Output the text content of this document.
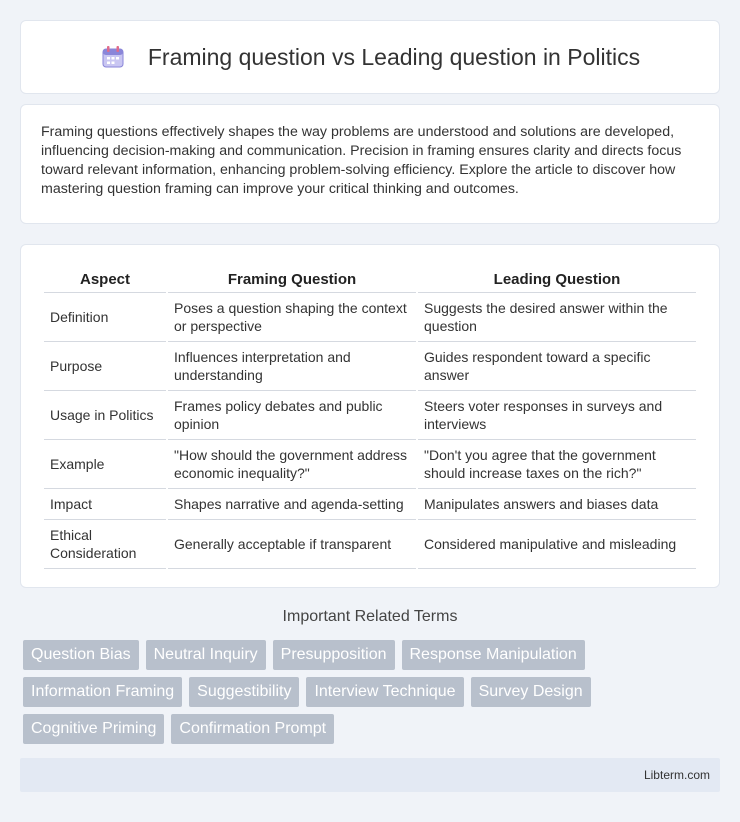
Framing question vs Leading question in Politics

Framing questions effectively shapes the way problems are understood and solutions are developed, influencing decision-making and communication. Precision in framing ensures clarity and directs focus toward relevant information, enhancing problem-solving efficiency. Explore the article to discover how mastering question framing can improve your critical thinking and outcomes.

Aspect	Framing Question	Leading Question
Definition	Poses a question shaping the context or perspective	Suggests the desired answer within the question
Purpose	Influences interpretation and understanding	Guides respondent toward a specific answer
Usage in Politics	Frames policy debates and public opinion	Steers voter responses in surveys and interviews
Example	"How should the government address economic inequality?"	"Don't you agree that the government should increase taxes on the rich?"
Impact	Shapes narrative and agenda-setting	Manipulates answers and biases data
Ethical Consideration	Generally acceptable if transparent	Considered manipulative and misleading
Important Related Terms
Question Bias	Neutral Inquiry	Presupposition	Response Manipulation
Information Framing	Suggestibility	Interview Technique	Survey Design
Cognitive Priming	Confirmation Prompt
Libterm.com
